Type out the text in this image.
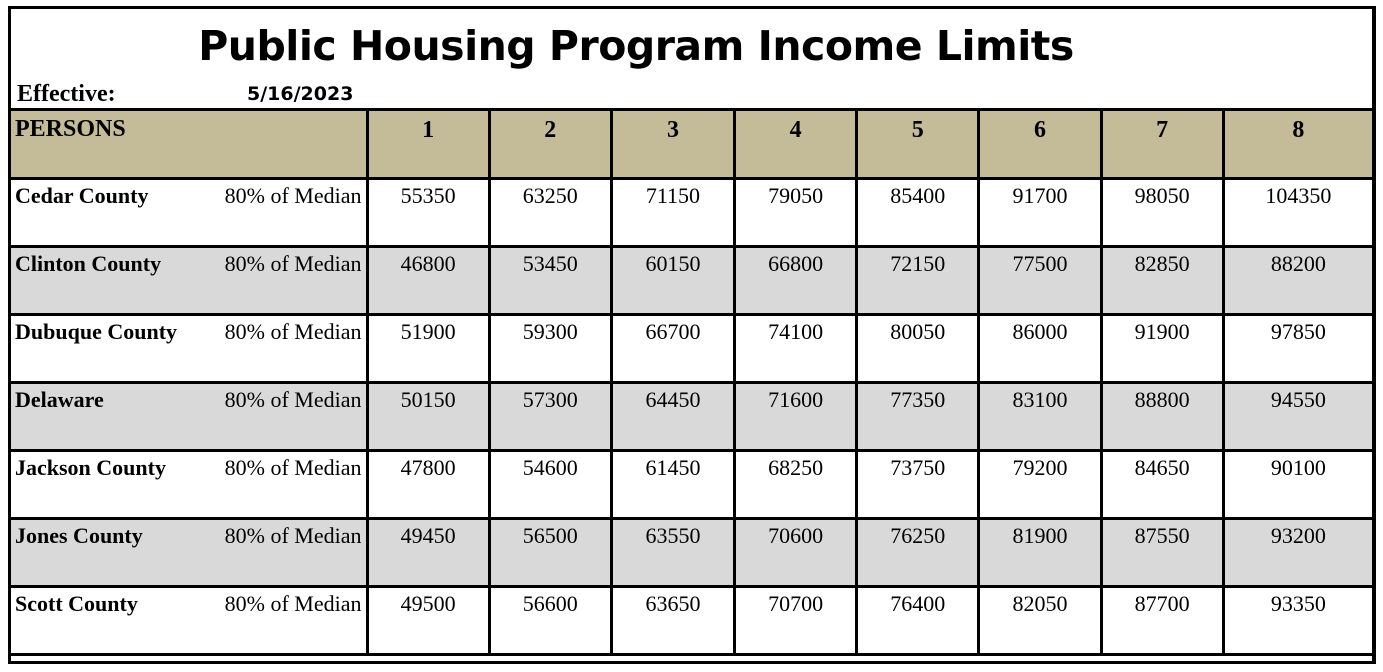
Public Housing Program Income Limits
Effective:	5/16/2023
PERSONS	1	2	3	4	5	6	7	8

Cedar County 80% of Median	55350	63250	71150	79050	85400	91700	98050	104350

Clinton County 80% of Median	46800	53450	60150	66800	72150	77500	82850	88200

Dubuque County 80% of Median	51900	59300	66700	74100	80050	86000	91900	97850

Delaware 80% of Median	50150	57300	64450	71600	77350	83100	88800	94550

Jackson County 80% of Median	47800	54600	61450	68250	73750	79200	84650	90100

Jones County 80% of Median	49450	56500	63550	70600	76250	81900	87550	93200

Scott County 80% of Median	49500	56600	63650	70700	76400	82050	87700	93350
